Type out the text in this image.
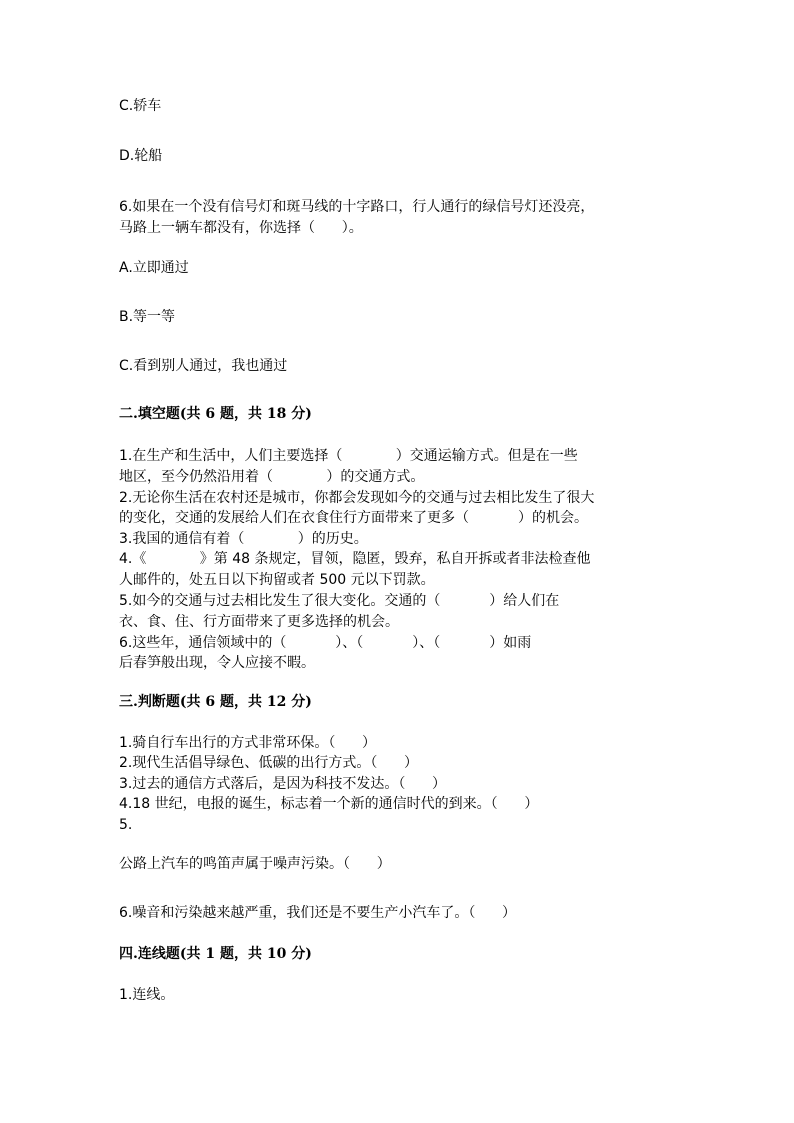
C.轿车
D.轮船
6.如果在一个没有信号灯和斑马线的十字路口，行人通行的绿信号灯还没亮，
马路上一辆车都没有，你选择（      ）。
A.立即通过
B.等一等
C.看到别人通过，我也通过
二.填空题(共 6 题，共 18 分)
1.在生产和生活中，人们主要选择（            ）交通运输方式。但是在一些
地区，至今仍然沿用着（            ）的交通方式。
2.无论你生活在农村还是城市，你都会发现如今的交通与过去相比发生了很大
的变化，交通的发展给人们在衣食住行方面带来了更多（           ）的机会。
3.我国的通信有着（            ）的历史。
4.《            》第 48 条规定，冒领，隐匿，毁弃，私自开拆或者非法检查他
人邮件的，处五日以下拘留或者 500 元以下罚款。
5.如今的交通与过去相比发生了很大变化。交通的（           ）给人们在
衣、食、住、行方面带来了更多选择的机会。
6.这些年，通信领域中的（           ）、（           ）、（           ）如雨
后春笋般出现，令人应接不暇。
三.判断题(共 6 题，共 12 分)
1.骑自行车出行的方式非常环保。（      ）
2.现代生活倡导绿色、低碳的出行方式。（      ）
3.过去的通信方式落后，是因为科技不发达。（      ）
4.18 世纪，电报的诞生，标志着一个新的通信时代的到来。（      ）
5.
公路上汽车的鸣笛声属于噪声污染。（      ）
6.噪音和污染越来越严重，我们还是不要生产小汽车了。（      ）
四.连线题(共 1 题，共 10 分)
1.连线。
